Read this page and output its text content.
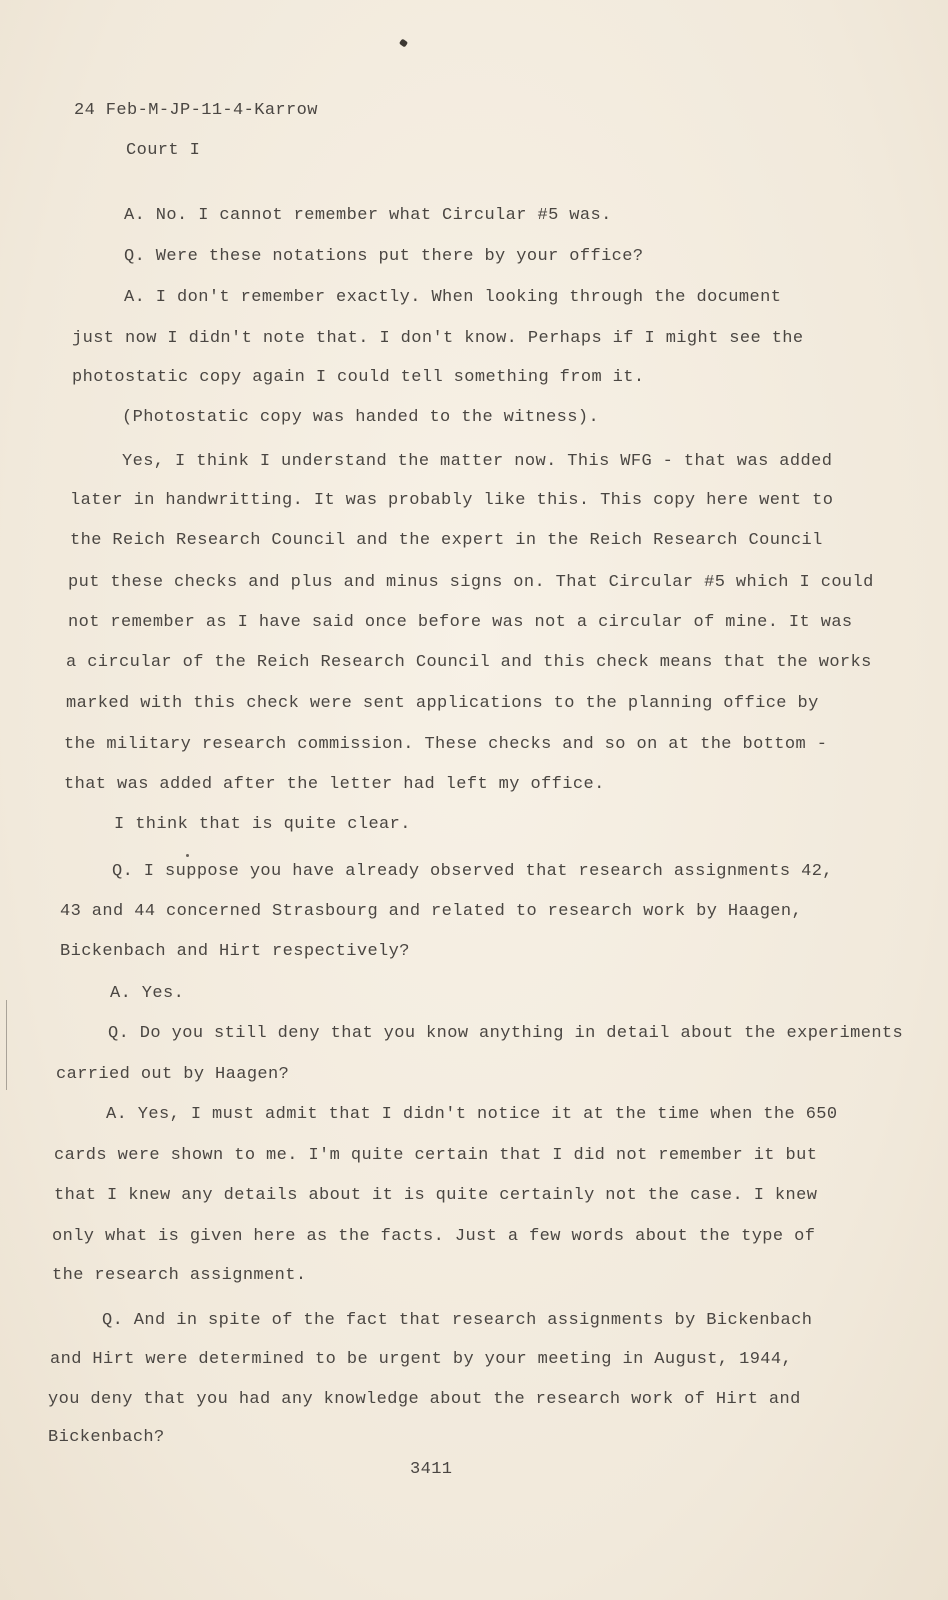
24 Feb-M-JP-11-4-Karrow
Court I
A. No. I cannot remember what Circular #5 was.
Q. Were these notations put there by your office?
A. I don't remember exactly. When looking through the document
just now I didn't note that. I don't know. Perhaps if I might see the
photostatic copy again I could tell something from it.
(Photostatic copy was handed to the witness).
Yes, I think I understand the matter now. This WFG - that was added
later in handwritting. It was probably like this. This copy here went to
the Reich Research Council and the expert in the Reich Research Council
put these checks and plus and minus signs on. That Circular #5 which I could
not remember as I have said once before was not a circular of mine. It was
a circular of the Reich Research Council and this check means that the works
marked with this check were sent applications to the planning office by
the military research commission. These checks and so on at the bottom -
that was added after the letter had left my office.
I think that is quite clear.
Q. I suppose you have already observed that research assignments 42,
43 and 44 concerned Strasbourg and related to research work by Haagen,
Bickenbach and Hirt respectively?
A. Yes.
Q. Do you still deny that you know anything in detail about the experiments
carried out by Haagen?
A. Yes, I must admit that I didn't notice it at the time when the 650
cards were shown to me. I'm quite certain that I did not remember it but
that I knew any details about it is quite certainly not the case. I knew
only what is given here as the facts. Just a few words about the type of
the research assignment.
Q. And in spite of the fact that research assignments by Bickenbach
and Hirt were determined to be urgent by your meeting in August, 1944,
you deny that you had any knowledge about the research work of Hirt and
Bickenbach?
3411
